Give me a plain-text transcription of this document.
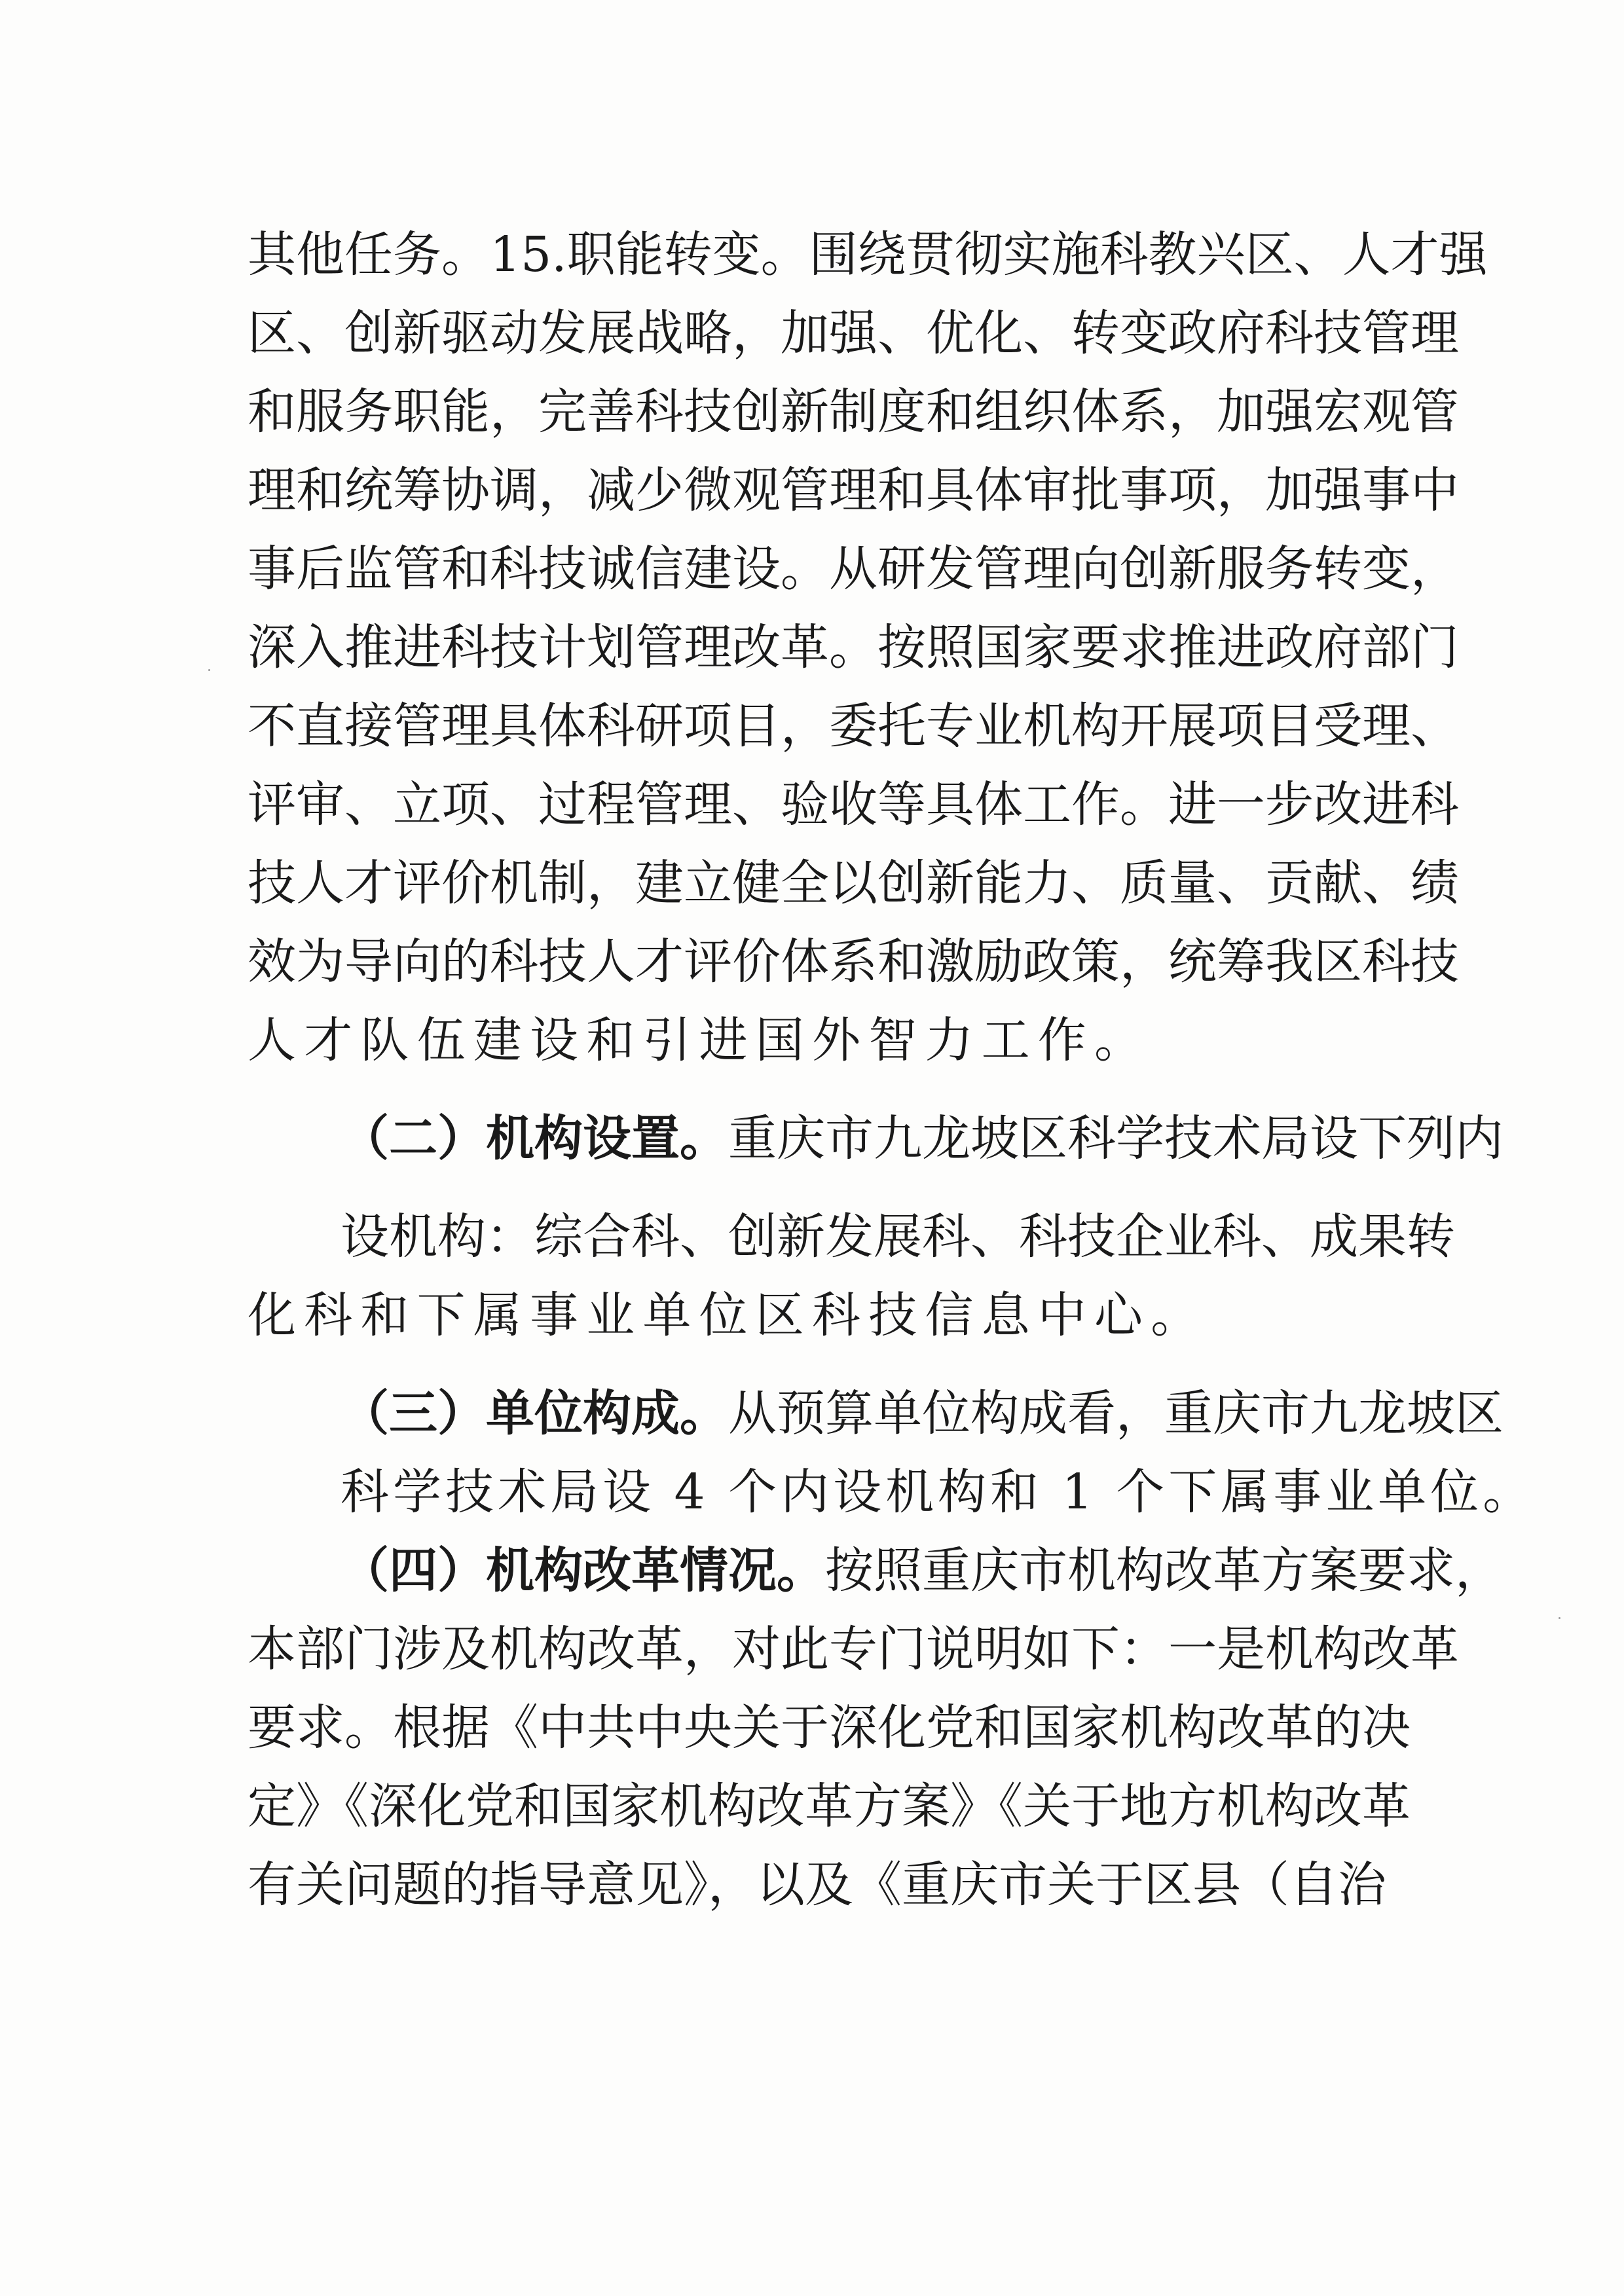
其他任务。15.职能转变。围绕贯彻实施科教兴区、人才强
区、创新驱动发展战略，加强、优化、转变政府科技管理
和服务职能，完善科技创新制度和组织体系，加强宏观管
理和统筹协调，减少微观管理和具体审批事项，加强事中
事后监管和科技诚信建设。从研发管理向创新服务转变，
深入推进科技计划管理改革。按照国家要求推进政府部门
不直接管理具体科研项目，委托专业机构开展项目受理、
评审、立项、过程管理、验收等具体工作。进一步改进科
技人才评价机制，建立健全以创新能力、质量、贡献、绩
效为导向的科技人才评价体系和激励政策，统筹我区科技
人才队伍建设和引进国外智力工作。
（二）机构设置。重庆市九龙坡区科学技术局设下列内
设机构：综合科、创新发展科、科技企业科、成果转
化科和下属事业单位区科技信息中心。
（三）单位构成。从预算单位构成看，重庆市九龙坡区
科学技术局设 4 个内设机构和 1 个下属事业单位。
（四）机构改革情况。按照重庆市机构改革方案要求，
本部门涉及机构改革，对此专门说明如下：一是机构改革
要求。根据《中共中央关于深化党和国家机构改革的决
定》《深化党和国家机构改革方案》《关于地方机构改革
有关问题的指导意见》，以及《重庆市关于区县（自治
